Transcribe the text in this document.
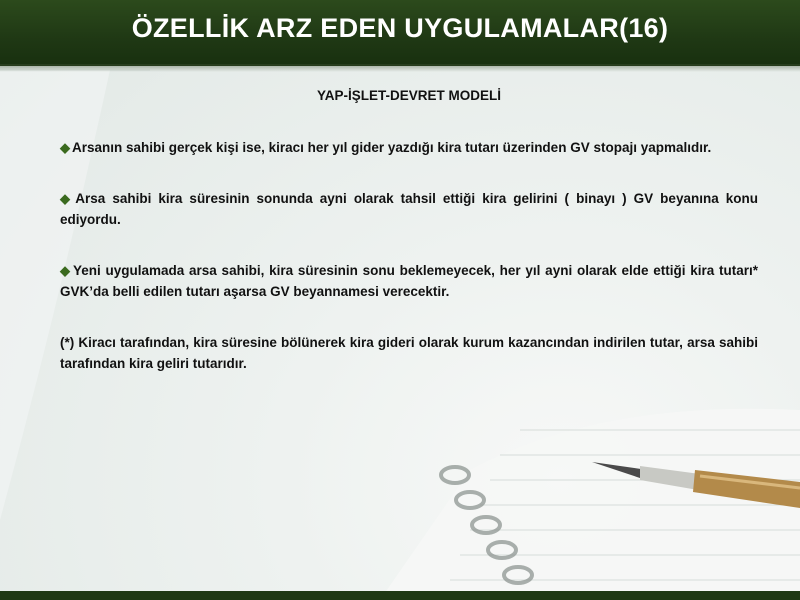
ÖZELLİK ARZ EDEN UYGULAMALAR(16)
YAP-İŞLET-DEVRET MODELİ

◆ Arsanın sahibi gerçek kişi ise, kiracı her yıl gider yazdığı kira tutarı üzerinden GV stopajı yapmalıdır.

◆ Arsa sahibi kira süresinin sonunda ayni olarak tahsil ettiği kira gelirini ( binayı ) GV beyanına konu ediyordu.

◆ Yeni uygulamada arsa sahibi, kira süresinin sonu beklemeyecek, her yıl ayni olarak elde ettiği kira tutarı* GVK’da belli edilen tutarı aşarsa GV beyannamesi verecektir.

(*) Kiracı tarafından, kira süresine bölünerek kira gideri olarak kurum kazancından indirilen tutar, arsa sahibi tarafından kira geliri tutarıdır.
